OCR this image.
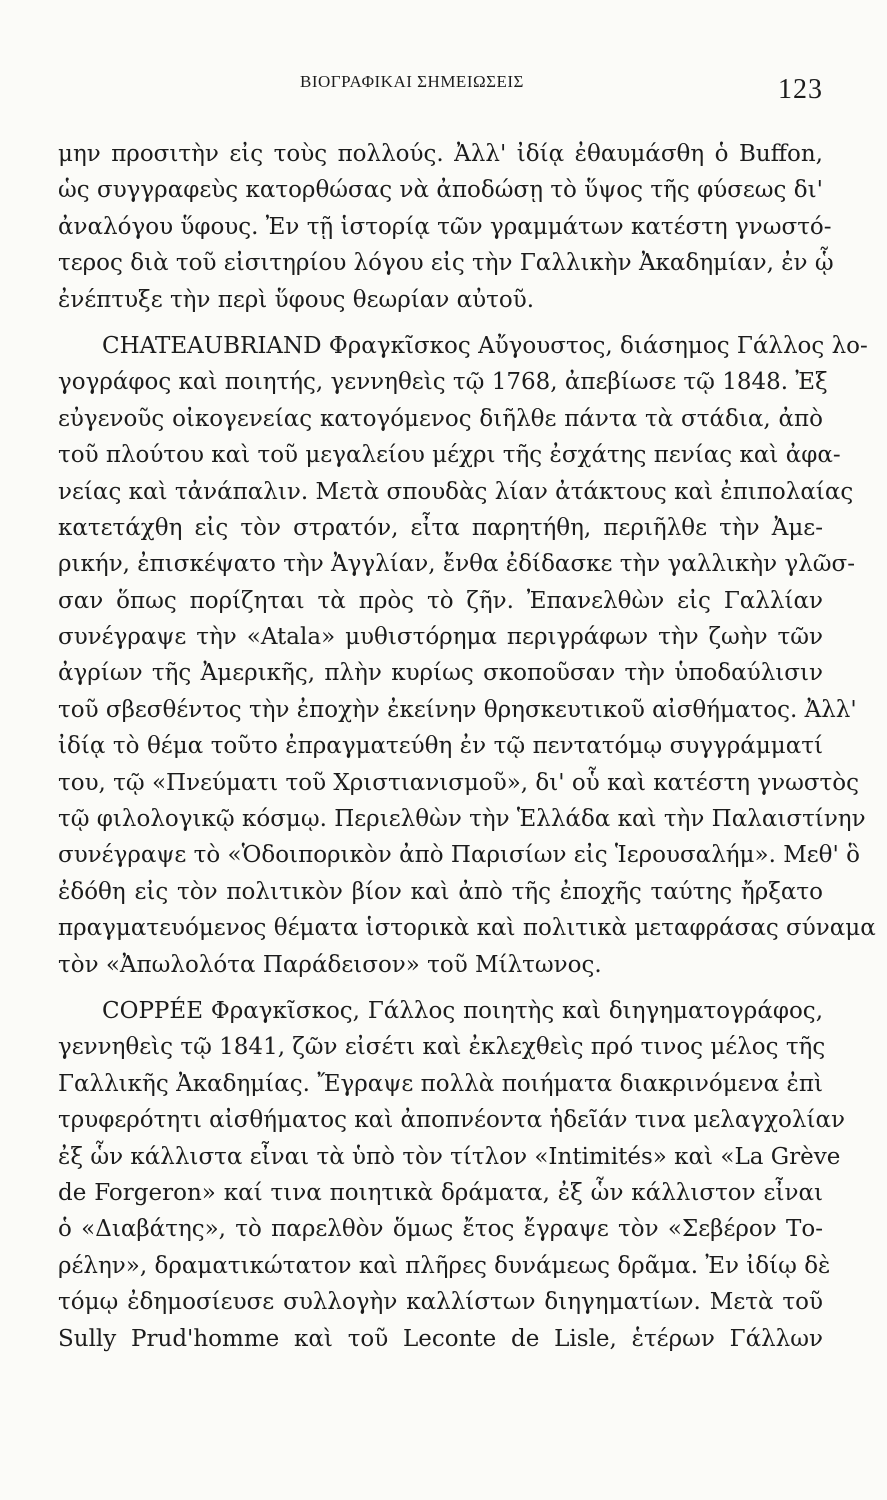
ΒΙΟΓΡΑΦΙΚΑΙ ΣΗΜΕΙΩΣΕΙΣ	123
μην προσιτὴν εἰς τοὺς πολλούς. Ἀλλ' ἰδίᾳ ἐθαυμάσθη ὁ Buffon,
ὡς συγγραφεὺς κατορθώσας νὰ ἀποδώσῃ τὸ ὕψος τῆς φύσεως δι'
ἀναλόγου ὕφους. Ἐν τῇ ἱστορίᾳ τῶν γραμμάτων κατέστη γνωστό-
τερος διὰ τοῦ εἰσιτηρίου λόγου εἰς τὴν Γαλλικὴν Ἀκαδημίαν, ἐν ᾧ
ἐνέπτυξε τὴν περὶ ὕφους θεωρίαν αὐτοῦ.
CHATEAUBRIAND Φραγκῖσκος Αὔγουστος, διάσημος Γάλλος λο-
γογράφος καὶ ποιητής, γεννηθεὶς τῷ 1768, ἀπεβίωσε τῷ 1848. Ἐξ
εὐγενοῦς οἰκογενείας κατογόμενος διῆλθε πάντα τὰ στάδια, ἀπὸ
τοῦ πλούτου καὶ τοῦ μεγαλείου μέχρι τῆς ἐσχάτης πενίας καὶ ἀφα-
νείας καὶ τἀνάπαλιν. Μετὰ σπουδὰς λίαν ἀτάκτους καὶ ἐπιπολαίας
κατετάχθη εἰς τὸν στρατόν, εἶτα παρητήθη, περιῆλθε τὴν Ἀμε-
ρικήν, ἐπισκέψατο τὴν Ἀγγλίαν, ἔνθα ἐδίδασκε τὴν γαλλικὴν γλῶσ-
σαν ὅπως πορίζηται τὰ πρὸς τὸ ζῆν. Ἐπανελθὼν εἰς Γαλλίαν
συνέγραψε τὴν «Atala» μυθιστόρημα περιγράφων τὴν ζωὴν τῶν
ἀγρίων τῆς Ἀμερικῆς, πλὴν κυρίως σκοποῦσαν τὴν ὑποδαύλισιν
τοῦ σβεσθέντος τὴν ἐποχὴν ἐκείνην θρησκευτικοῦ αἰσθήματος. Ἀλλ'
ἰδίᾳ τὸ θέμα τοῦτο ἐπραγματεύθη ἐν τῷ πεντατόμῳ συγγράμματί
του, τῷ «Πνεύματι τοῦ Χριστιανισμοῦ», δι' οὗ καὶ κατέστη γνωστὸς
τῷ φιλολογικῷ κόσμῳ. Περιελθὼν τὴν Ἑλλάδα καὶ τὴν Παλαιστίνην
συνέγραψε τὸ «Ὁδοιπορικὸν ἀπὸ Παρισίων εἰς Ἱερουσαλήμ». Μεθ' ὃ
ἐδόθη εἰς τὸν πολιτικὸν βίον καὶ ἀπὸ τῆς ἐποχῆς ταύτης ἤρξατο
πραγματευόμενος θέματα ἱστορικὰ καὶ πολιτικὰ μεταφράσας σύναμα
τὸν «Ἀπωλολότα Παράδεισον» τοῦ Μίλτωνος.
COPPÉE Φραγκῖσκος, Γάλλος ποιητὴς καὶ διηγηματογράφος,
γεννηθεὶς τῷ 1841, ζῶν εἰσέτι καὶ ἐκλεχθεὶς πρό τινος μέλος τῆς
Γαλλικῆς Ἀκαδημίας. Ἔγραψε πολλὰ ποιήματα διακρινόμενα ἐπὶ
τρυφερότητι αἰσθήματος καὶ ἀποπνέοντα ἡδεῖάν τινα μελαγχολίαν
ἐξ ὧν κάλλιστα εἶναι τὰ ὑπὸ τὸν τίτλον «Intimités» καὶ «La Grève
de Forgeron» καί τινα ποιητικὰ δράματα, ἐξ ὧν κάλλιστον εἶναι
ὁ «Διαβάτης», τὸ παρελθὸν ὅμως ἔτος ἔγραψε τὸν «Σεβέρον Το-
ρέλην», δραματικώτατον καὶ πλῆρες δυνάμεως δρᾶμα. Ἐν ἰδίῳ δὲ
τόμῳ ἐδημοσίευσε συλλογὴν καλλίστων διηγηματίων. Μετὰ τοῦ
Sully Prud'homme καὶ τοῦ Leconte de Lisle, ἑτέρων Γάλλων
